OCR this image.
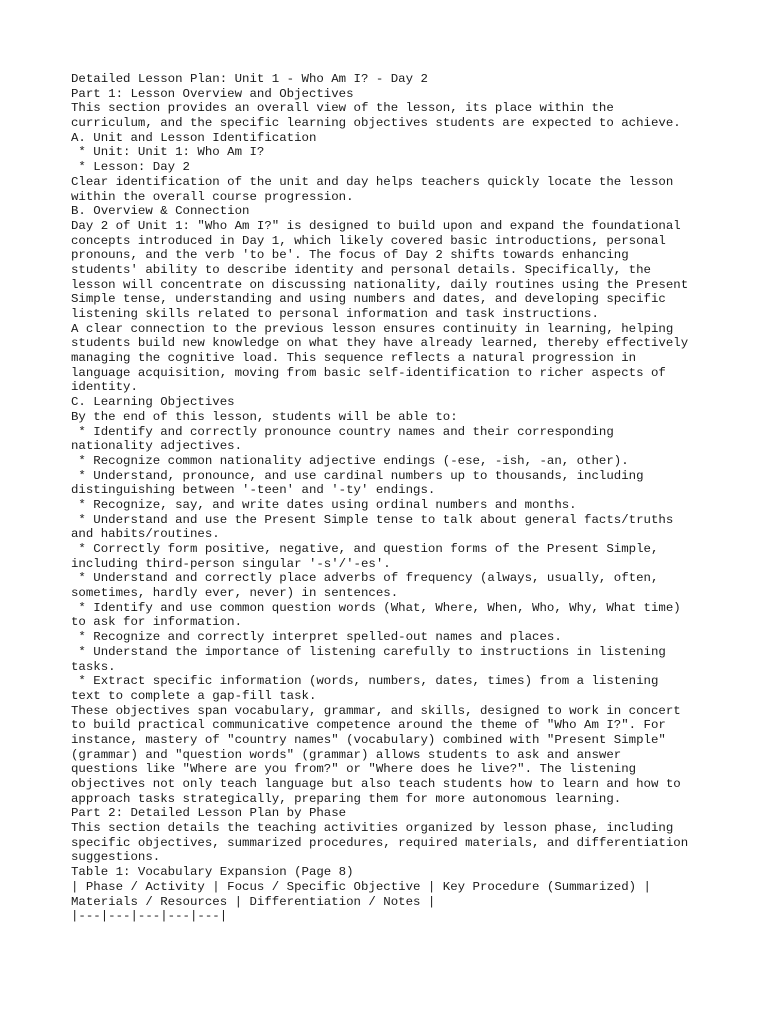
Detailed Lesson Plan: Unit 1 - Who Am I? - Day 2
Part 1: Lesson Overview and Objectives
This section provides an overall view of the lesson, its place within the
curriculum, and the specific learning objectives students are expected to achieve.
A. Unit and Lesson Identification
* Unit: Unit 1: Who Am I?
* Lesson: Day 2
Clear identification of the unit and day helps teachers quickly locate the lesson
within the overall course progression.
B. Overview & Connection
Day 2 of Unit 1: "Who Am I?" is designed to build upon and expand the foundational
concepts introduced in Day 1, which likely covered basic introductions, personal
pronouns, and the verb 'to be'. The focus of Day 2 shifts towards enhancing
students' ability to describe identity and personal details. Specifically, the
lesson will concentrate on discussing nationality, daily routines using the Present
Simple tense, understanding and using numbers and dates, and developing specific
listening skills related to personal information and task instructions.
A clear connection to the previous lesson ensures continuity in learning, helping
students build new knowledge on what they have already learned, thereby effectively
managing the cognitive load. This sequence reflects a natural progression in
language acquisition, moving from basic self-identification to richer aspects of
identity.
C. Learning Objectives
By the end of this lesson, students will be able to:
* Identify and correctly pronounce country names and their corresponding
nationality adjectives.
* Recognize common nationality adjective endings (-ese, -ish, -an, other).
* Understand, pronounce, and use cardinal numbers up to thousands, including
distinguishing between '-teen' and '-ty' endings.
* Recognize, say, and write dates using ordinal numbers and months.
* Understand and use the Present Simple tense to talk about general facts/truths
and habits/routines.
* Correctly form positive, negative, and question forms of the Present Simple,
including third-person singular '-s'/'-es'.
* Understand and correctly place adverbs of frequency (always, usually, often,
sometimes, hardly ever, never) in sentences.
* Identify and use common question words (What, Where, When, Who, Why, What time)
to ask for information.
* Recognize and correctly interpret spelled-out names and places.
* Understand the importance of listening carefully to instructions in listening
tasks.
* Extract specific information (words, numbers, dates, times) from a listening
text to complete a gap-fill task.
These objectives span vocabulary, grammar, and skills, designed to work in concert
to build practical communicative competence around the theme of "Who Am I?". For
instance, mastery of "country names" (vocabulary) combined with "Present Simple"
(grammar) and "question words" (grammar) allows students to ask and answer
questions like "Where are you from?" or "Where does he live?". The listening
objectives not only teach language but also teach students how to learn and how to
approach tasks strategically, preparing them for more autonomous learning.
Part 2: Detailed Lesson Plan by Phase
This section details the teaching activities organized by lesson phase, including
specific objectives, summarized procedures, required materials, and differentiation
suggestions.
Table 1: Vocabulary Expansion (Page 8)
| Phase / Activity | Focus / Specific Objective | Key Procedure (Summarized) |
Materials / Resources | Differentiation / Notes |
|---|---|---|---|---|
